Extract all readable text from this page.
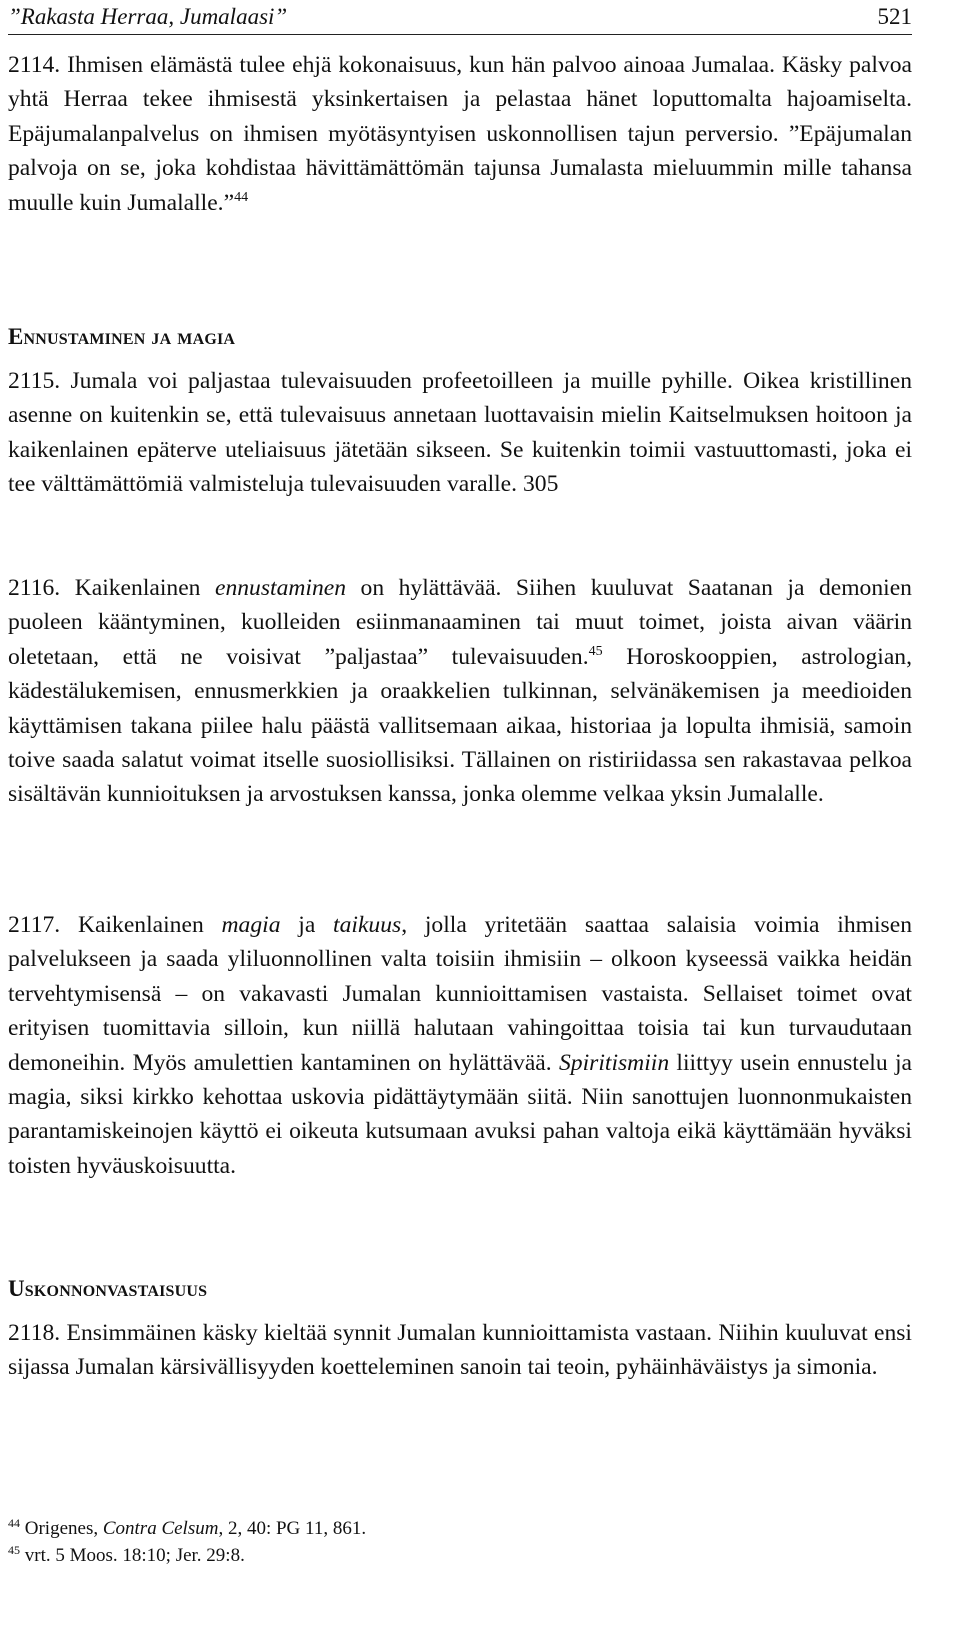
”Rakasta Herraa, Jumalaasi”	521

2114. Ihmisen elämästä tulee ehjä kokonaisuus, kun hän palvoo ainoaa Jumalaa. Käsky palvoa yhtä Herraa tekee ihmisestä yksinkertaisen ja pelastaa hänet loputtomalta hajoamiselta. Epäjumalanpalvelus on ihmisen myötäsyntyisen uskonnollisen tajun perversio. ”Epäjumalan palvoja on se, joka kohdistaa hävittämättömän tajunsa Jumalasta mieluummin mille tahansa muulle kuin Jumalalle.”$^{44}$

Ennustaminen ja magia

2115. Jumala voi paljastaa tulevaisuuden profeetoilleen ja muille pyhille. Oikea kristillinen asenne on kuitenkin se, että tulevaisuus annetaan luottavaisin mielin Kaitselmuksen hoitoon ja kaikenlainen epäterve uteliaisuus jätetään sikseen. Se kuitenkin toimii vastuuttomasti, joka ei tee välttämättömiä valmisteluja tulevaisuuden varalle. 305

2116. Kaikenlainen ennustaminen on hylättävää. Siihen kuuluvat Saatanan ja demonien puoleen kääntyminen, kuolleiden esiinmanaaminen tai muut toimet, joista aivan väärin oletetaan, että ne voisivat ”paljastaa” tulevaisuuden.$^{45}$ Horoskooppien, astrologian, kädestälukemisen, ennusmerkkien ja oraakkelien tulkinnan, selvänäkemisen ja meedioiden käyttämisen takana piilee halu päästä vallitsemaan aikaa, historiaa ja lopulta ihmisiä, samoin toive saada salatut voimat itselle suosiollisiksi. Tällainen on ristiriidassa sen rakastavaa pelkoa sisältävän kunnioituksen ja arvostuksen kanssa, jonka olemme velkaa yksin Jumalalle.

2117. Kaikenlainen magia ja taikuus, jolla yritetään saattaa salaisia voimia ihmisen palvelukseen ja saada yliluonnollinen valta toisiin ihmisiin – olkoon kyseessä vaikka heidän tervehtymisensä – on vakavasti Jumalan kunnioittamisen vastaista. Sellaiset toimet ovat erityisen tuomittavia silloin, kun niillä halutaan vahingoittaa toisia tai kun turvaudutaan demoneihin. Myös amulettien kantaminen on hylättävää. Spiritismiin liittyy usein ennustelu ja magia, siksi kirkko kehottaa uskovia pidättäytymään siitä. Niin sanottujen luonnonmukaisten parantamiskeinojen käyttö ei oikeuta kutsumaan avuksi pahan valtoja eikä käyttämään hyväksi toisten hyväuskoisuutta.

Uskonnonvastaisuus

2118. Ensimmäinen käsky kieltää synnit Jumalan kunnioittamista vastaan. Niihin kuuluvat ensi sijassa Jumalan kärsivällisyyden koetteleminen sanoin tai teoin, pyhäinhäväistys ja simonia.

$^{44}$ Origenes, Contra Celsum, 2, 40: PG 11, 861.

$^{45}$ vrt. 5 Moos. 18:10; Jer. 29:8.
